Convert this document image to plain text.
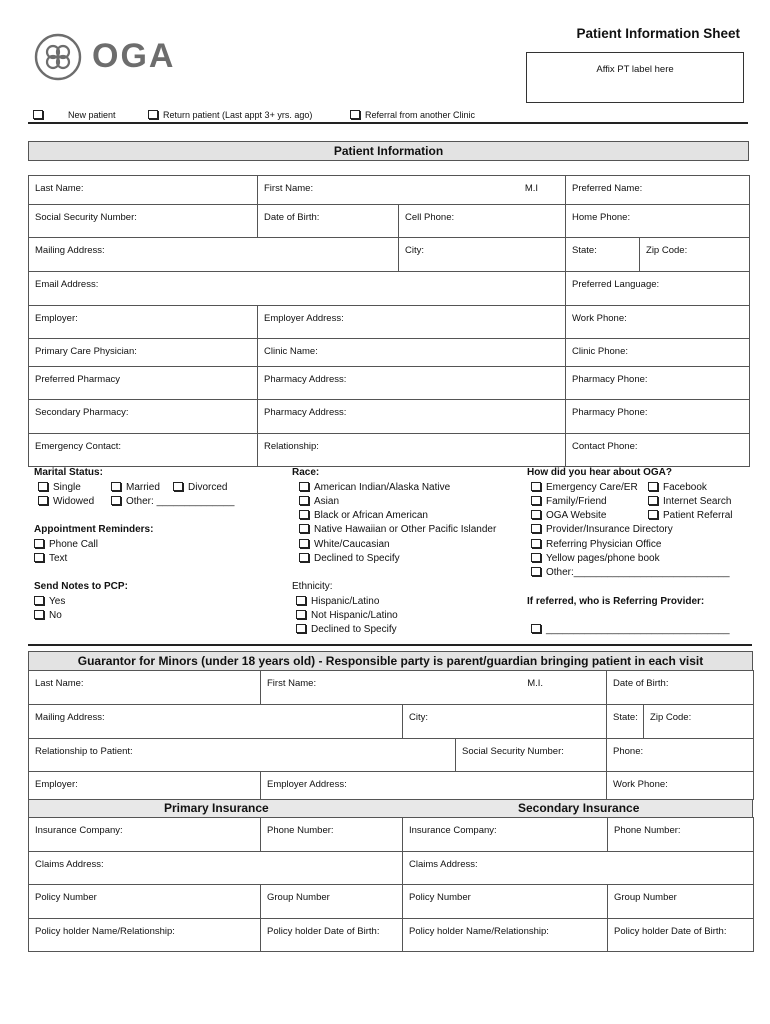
OGA
Patient Information Sheet
$_{Affix PT label here}$
New patient	Return patient (Last appt 3+ yrs. ago)	Referral from another Clinic
Patient Information
Last Name:	First Name: M.I		Preferred Name:	
Social Security Number:	Date of Birth:	Cell Phone:	Home Phone:	
Mailing Address:		City:	State:	Zip Code:
Email Address:			Preferred Language:	
Employer:	Employer Address:		Work Phone:	
Primary Care Physician:	Clinic Name:		Clinic Phone:	
Preferred Pharmacy	Pharmacy Address:		Pharmacy Phone:	
Secondary Pharmacy:	Pharmacy Address:		Pharmacy Phone:	
Emergency Contact:	Relationship:		Contact Phone:	
Marital Status:
Single	Married	Divorced
Widowed	Other: ______________
Appointment Reminders:
Phone Call
Text
Send Notes to PCP:
Yes
No
Race:
American Indian/Alaska Native
Asian
Black or African American
Native Hawaiian or Other Pacific Islander
White/Caucasian
Declined to Specify
Ethnicity:
Hispanic/Latino
Not Hispanic/Latino
Declined to Specify
How did you hear about OGA?
Emergency Care/ER	Facebook
Family/Friend	Internet Search
OGA Website	Patient Referral
Provider/Insurance Directory
Referring Physician Office
Yellow pages/phone book
Other:____________________________
If referred, who is Referring Provider:
_________________________________
Guarantor for Minors (under 18 years old) - Responsible party is parent/guardian bringing patient in each visit
Last Name:	First Name: M.I.			Date of Birth:	
Mailing Address:		City:		State:	Zip Code:
Relationship to Patient:			Social Security Number:	Phone:	
Employer:	Employer Address:			Work Phone:	
Primary Insurance	Secondary Insurance
Insurance Company:	Phone Number:	Insurance Company:	Phone Number:
Claims Address:		Claims Address:	
Policy Number	Group Number	Policy Number	Group Number
Policy holder Name/Relationship:	Policy holder Date of Birth:	Policy holder Name/Relationship:	Policy holder Date of Birth:
